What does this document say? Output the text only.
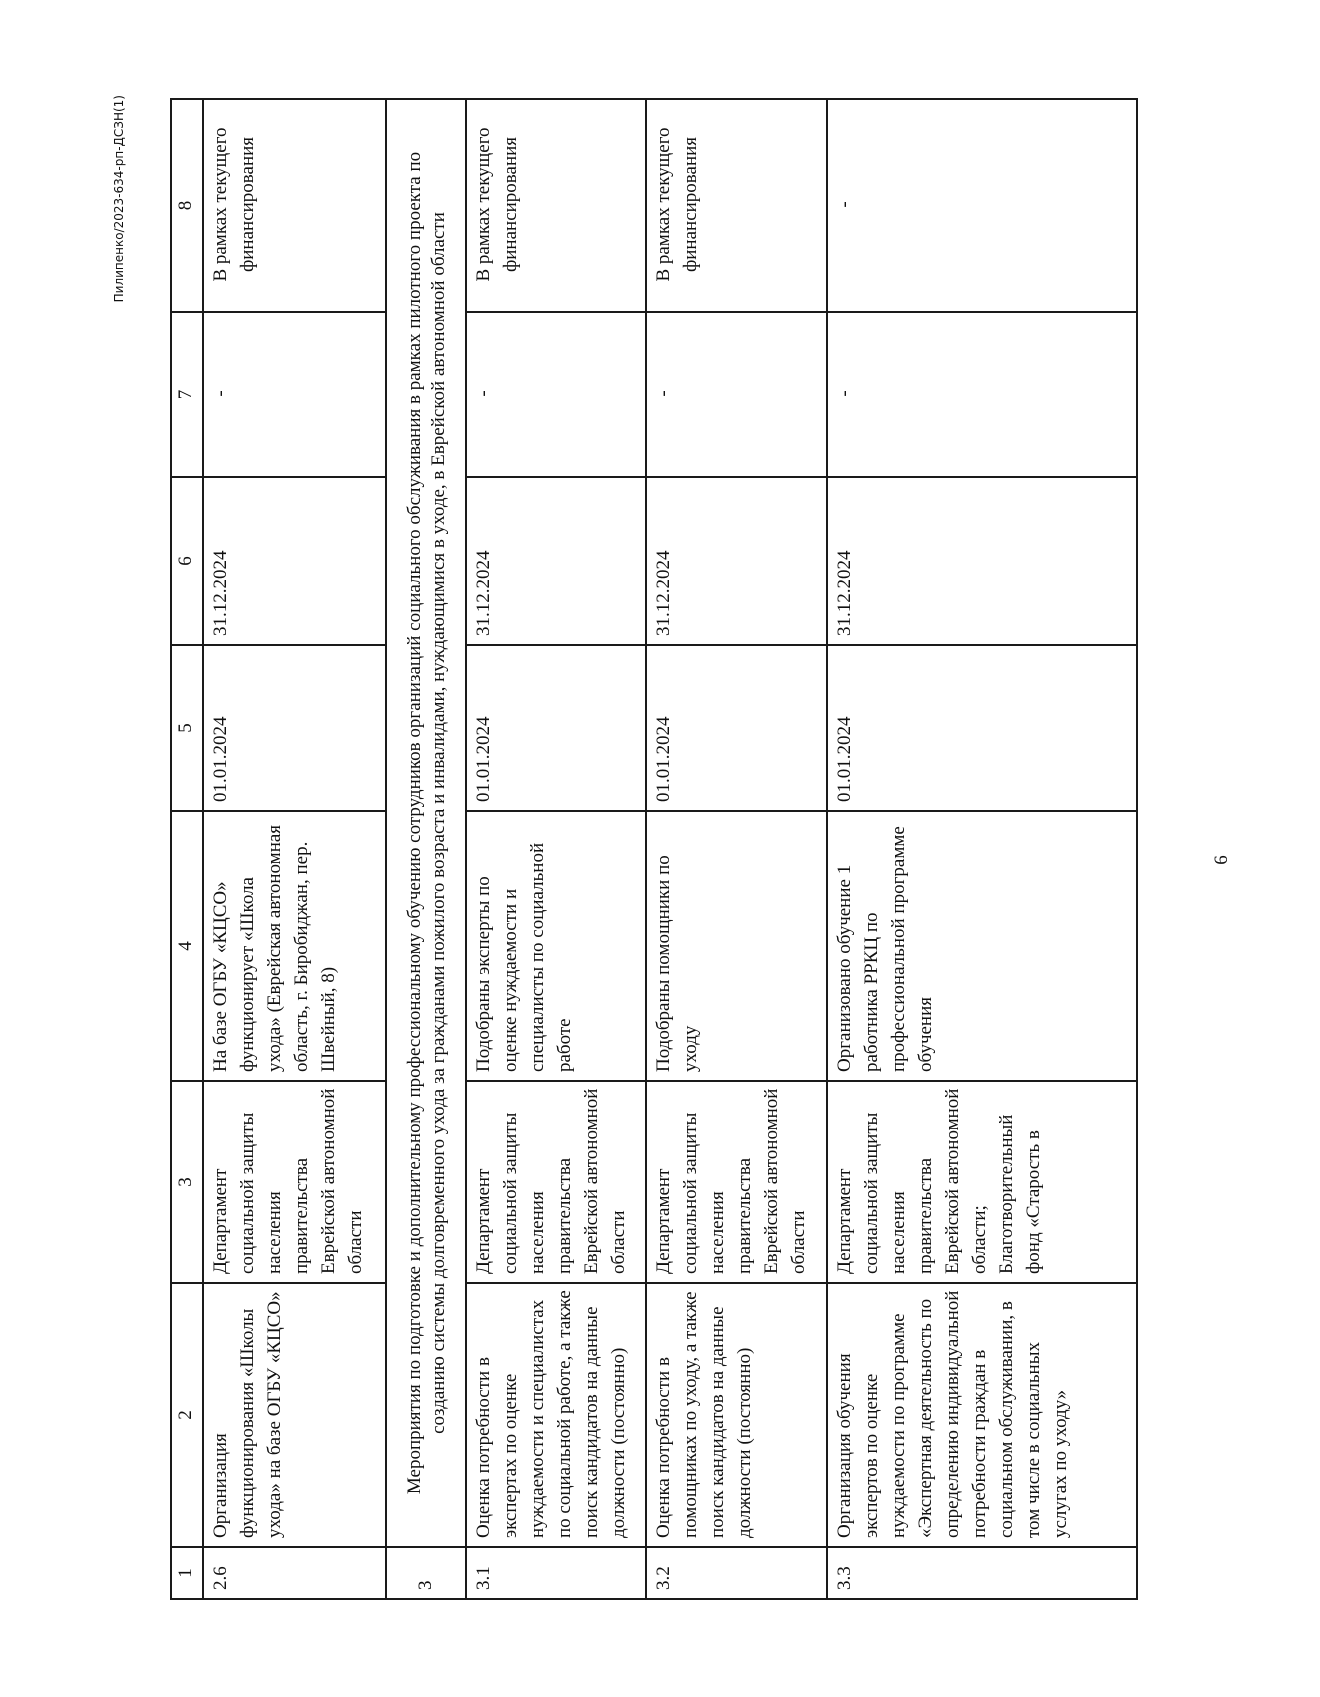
1	2	3	4	5	6	7	8
2.6	Организация функционирования «Школы ухода» на базе ОГБУ «КЦСО»	Департамент социальной защиты населения правительства Еврейской автономной области	На базе ОГБУ «КЦСО» функционирует «Школа ухода» (Еврейская автономная область, г. Биробиджан, пер. Швейный, 8)	01.01.2024	31.12.2024	-	В рамках текущего финансирования
3	Мероприятия по подготовке и дополнительному профессиональному обучению сотрудников организаций социального обслуживания в рамках пилотного проекта по созданию системы долговременного ухода за гражданами пожилого возраста и инвалидами, нуждающимися в уходе, в Еврейской автономной области						
3.1	Оценка потребности в экспертах по оценке нуждаемости и специалистах по социальной работе, а также поиск кандидатов на данные должности (постоянно)	Департамент социальной защиты населения правительства Еврейской автономной области	Подобраны эксперты по оценке нуждаемости и специалисты по социальной работе	01.01.2024	31.12.2024	-	В рамках текущего финансирования
3.2	Оценка потребности в помощниках по уходу, а также поиск кандидатов на данные должности (постоянно)	Департамент социальной защиты населения правительства Еврейской автономной области	Подобраны помощники по уходу	01.01.2024	31.12.2024	-	В рамках текущего финансирования
3.3	Организация обучения экспертов по оценке нуждаемости по программе «Экспертная деятельность по определению индивидуальной потребности граждан в социальном обслуживании, в том числе в социальных услугах по уходу»	Департамент социальной защиты населения правительства Еврейской автономной области; Благотворительный фонд «Старость в	Организовано обучение 1 работника РРКЦ по профессиональной программе обучения	01.01.2024	31.12.2024	-	-
6
Пилипенко/2023-634-рп-ДСЗН(1)
